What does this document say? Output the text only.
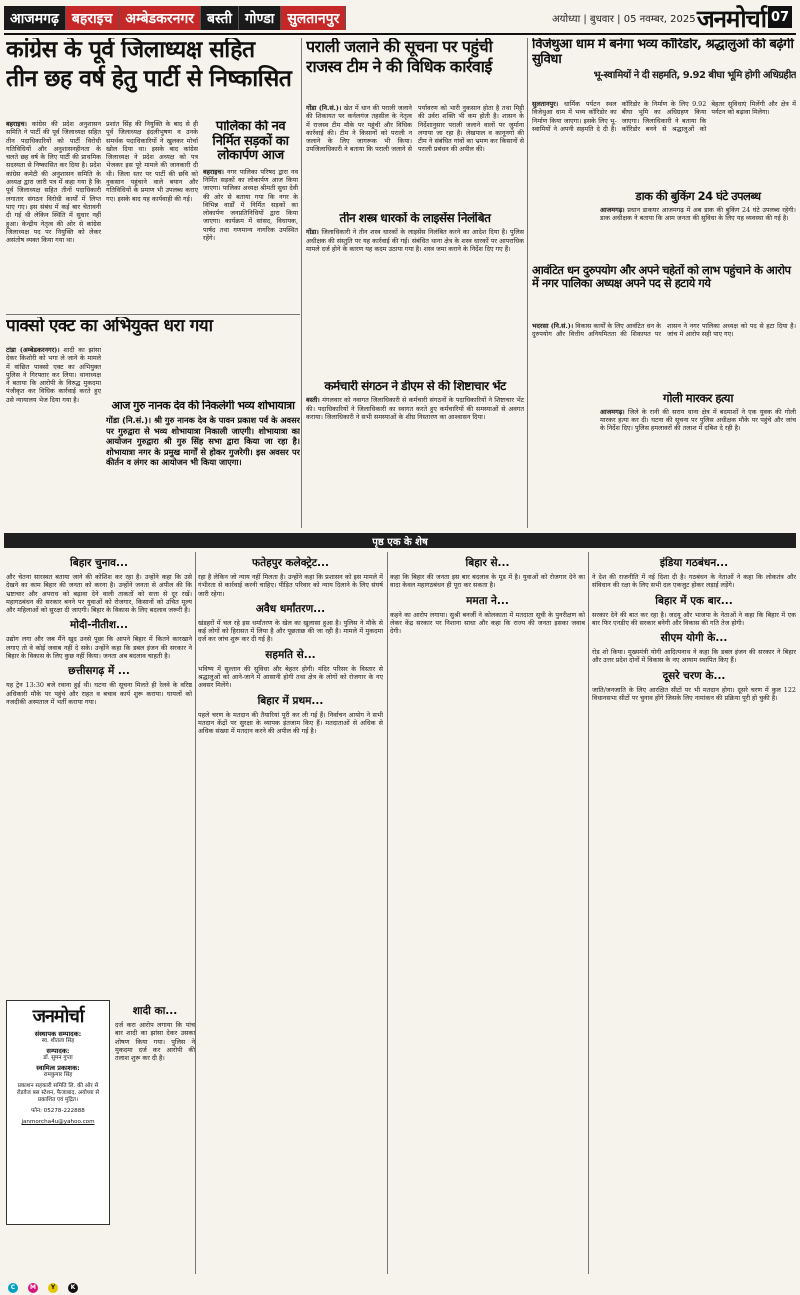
आजमगढ़ बहराइच अम्बेडकरनगर बस्ती गोण्डा सुलतानपुर	अयोध्या | बुधवार | 05 नवम्बर, 2025 जनमोर्चा 07
कांग्रेस के पूर्व जिलाध्यक्ष सहित
तीन छह वर्ष हेतु पार्टी से निष्कासित
बहराइच। कांग्रेस की प्रदेश अनुशासन समिति ने पार्टी की पूर्व जिलाध्यक्ष सहित तीन पदाधिकारियों को पार्टी विरोधी गतिविधियों और अनुशासनहीनता के चलते छह वर्ष के लिए पार्टी की प्राथमिक सदस्यता से निष्कासित कर दिया है। प्रदेश कांग्रेस कमेटी की अनुशासन समिति के अध्यक्ष द्वारा जारी पत्र में कहा गया है कि पूर्व जिलाध्यक्ष सहित तीनों पदाधिकारी लगातार संगठन विरोधी कार्यों में लिप्त पाए गए। इस संबंध में कई बार चेतावनी दी गई थी लेकिन स्थिति में सुधार नहीं हुआ। केन्द्रीय नेतृत्व की ओर से कांग्रेस जिलाध्यक्ष पद पर नियुक्ति को लेकर असंतोष व्यक्त किया गया था।
प्रशांत सिंह की नियुक्ति के बाद से ही पूर्व जिलाध्यक्ष इंदलीभुषण व उनके समर्थक पदाधिकारियों ने खुलकर मोर्चा खोल दिया था। इसके बाद कांग्रेस जिलाध्यक्ष ने प्रदेश अध्यक्ष को पत्र भेजकर इस पूरे मामले की जानकारी दी थी। जिला स्तर पर पार्टी की छवि को नुकसान पहुंचाने वाले बयान और गतिविधियों के प्रमाण भी उपलब्ध कराए गए। इसके बाद यह कार्यवाही की गई।
पालिका की नव निर्मित सड़कों का लोकार्पण आज
बहराइच। नगर पालिका परिषद द्वारा नव निर्मित सड़कों का लोकार्पण आज किया जाएगा। पालिका अध्यक्ष श्रीमती सुधा देवी की ओर से बताया गया कि नगर के विभिन्न वार्डों में निर्मित सड़कों का लोकार्पण जनप्रतिनिधियों द्वारा किया जाएगा। कार्यक्रम में सांसद, विधायक, पार्षद तथा गणमान्य नागरिक उपस्थित रहेंगे।
पराली जलाने की सूचना पर पहुंची
राजस्व टीम ने की विधिक कार्रवाई
गोंडा (नि.सं.)। खेत में धान की पराली जलाने की शिकायत पर कर्नलगंज तहसील के नेतृत्व में राजस्व टीम मौके पर पहुंची और विधिक कार्रवाई की। टीम ने किसानों को पराली न जलाने के लिए जागरूक भी किया। उपजिलाधिकारी ने बताया कि पराली जलाने से पर्यावरण को भारी नुकसान होता है तथा मिट्टी की उर्वरा शक्ति भी कम होती है। शासन के निर्देशानुसार पराली जलाने वालों पर जुर्माना लगाया जा रहा है। लेखपाल व कानूनगो की टीम ने संबंधित गांवों का भ्रमण कर किसानों से पराली प्रबंधन की अपील की।
तीन शस्त्र धारकों के लाइसेंस निलंबित
गोंडा। जिलाधिकारी ने तीन शस्त्र धारकों के लाइसेंस निलंबित करने का आदेश दिया है। पुलिस अधीक्षक की संस्तुति पर यह कार्रवाई की गई। संबंधित थाना क्षेत्र के शस्त्र धारकों पर आपराधिक मामले दर्ज होने के कारण यह कदम उठाया गया है। शस्त्र जमा कराने के निर्देश दिए गए हैं।
कर्मचारी संगठन ने डीएम से की शिष्टाचार भेंट
बस्ती। मंगलवार को नवागत जिलाधिकारी से कर्मचारी संगठनों के पदाधिकारियों ने शिष्टाचार भेंट की। पदाधिकारियों ने जिलाधिकारी का स्वागत करते हुए कर्मचारियों की समस्याओं से अवगत कराया। जिलाधिकारी ने सभी समस्याओं के शीघ्र निस्तारण का आश्वासन दिया।
पाक्सो एक्ट का अभियुक्त धरा गया
टांडा (अम्बेडकरनगर)। शादी का झांसा देकर किशोरी को भगा ले जाने के मामले में वांछित पाक्सो एक्ट का अभियुक्त पुलिस ने गिरफ्तार कर लिया। थानाध्यक्ष ने बताया कि आरोपी के विरुद्ध मुकदमा पंजीकृत कर विधिक कार्रवाई करते हुए उसे न्यायालय भेज दिया गया है।	आज गुरु नानक देव की निकलेगी भव्य शोभायात्रा
गोंडा (नि.सं.)। श्री गुरु नानक देव के पावन प्रकाश पर्व के अवसर पर गुरुद्वारा से भव्य शोभायात्रा निकाली जाएगी। शोभायात्रा का आयोजन गुरुद्वारा श्री गुरु सिंह सभा द्वारा किया जा रहा है। शोभायात्रा नगर के प्रमुख मार्गों से होकर गुजरेगी। इस अवसर पर कीर्तन व लंगर का आयोजन भी किया जाएगा।
विजेथुआ धाम में बनेगा भव्य कॉरिडोर, श्रद्धालुओं की बढ़ेगी सुविधा
भू-स्वामियों ने दी सहमति, 9.92 बीघा भूमि होगी अधिग्रहीत
सुलतानपुर। धार्मिक पर्यटन स्थल विजेथुआ धाम में भव्य कॉरिडोर का निर्माण किया जाएगा। इसके लिए भू-स्वामियों ने अपनी सहमति दे दी है। कॉरिडोर के निर्माण के लिए 9.92 बीघा भूमि का अधिग्रहण किया जाएगा। जिलाधिकारी ने बताया कि कॉरिडोर बनने से श्रद्धालुओं को बेहतर सुविधाएं मिलेंगी और क्षेत्र में पर्यटन को बढ़ावा मिलेगा।
डाक की बुकिंग 24 घंटे उपलब्ध
आजमगढ़। प्रधान डाकघर आजमगढ़ में अब डाक की बुकिंग 24 घंटे उपलब्ध रहेगी। डाक अधीक्षक ने बताया कि आम जनता की सुविधा के लिए यह व्यवस्था की गई है।
आवंटित धन दुरुपयोग और अपने चहेतों को लाभ पहुंचाने के आरोप में नगर पालिका अध्यक्ष अपने पद से हटाये गये
भदरसा (नि.सं.)। विकास कार्यों के लिए आवंटित धन के दुरुपयोग और वित्तीय अनियमितता की शिकायत पर शासन ने नगर पालिका अध्यक्ष को पद से हटा दिया है। जांच में आरोप सही पाए गए।
गोली मारकर हत्या
आजमगढ़। जिले के रानी की सराय थाना क्षेत्र में बदमाशों ने एक युवक की गोली मारकर हत्या कर दी। घटना की सूचना पर पुलिस अधीक्षक मौके पर पहुंचे और जांच के निर्देश दिए। पुलिस हमलावरों की तलाश में दबिश दे रही है।
पृष्ठ एक के शेष
बिहार चुनाव...
और चेतना सारस्वत बताया जाने की कोशिश कर रहा है। उन्होंने कहा कि उसे देखने का काम बिहार की जनता को करना है। उन्होंने जनता से अपील की कि भ्रष्टाचार और अपराध को बढ़ावा देने वाली ताकतों को सत्ता से दूर रखें। महागठबंधन की सरकार बनने पर युवाओं को रोजगार, किसानों को उचित मूल्य और महिलाओं को सुरक्षा दी जाएगी। बिहार के विकास के लिए बदलाव जरूरी है।
मोदी-नीतीश...
उद्योग लगा और जब मैंने खुद उनसे पूछा कि आपने बिहार में कितने कारखाने लगाए तो वे कोई जवाब नहीं दे सके। उन्होंने कहा कि डबल इंजन की सरकार ने बिहार के विकास के लिए कुछ नहीं किया। जनता अब बदलाव चाहती है।
छत्तीसगढ़ में ...
यह ट्रेन 13:30 बजे रवाना हुई थी। घटना की सूचना मिलते ही रेलवे के वरिष्ठ अधिकारी मौके पर पहुंचे और राहत व बचाव कार्य शुरू कराया। घायलों को नजदीकी अस्पताल में भर्ती कराया गया।
जनमोर्चा

संस्थापक सम्पादक:

स्व. शीतला सिंह

सम्पादक:

डॉ. सुमन गुप्ता

स्वामित्व प्रकाशक:

रामकुमार सिंह

प्रकाशन सहकारी समिति लि. की ओर से रोडवेज बस स्टेशन, फैजाबाद, अयोध्या से प्रकाशित एवं मुद्रित।

फोन: 05278-222888

janmorcha4u@yahoo.com

शादी का...
दर्ज करा आरोप लगाया कि पांच बार शादी का झांसा देकर उसका शोषण किया गया। पुलिस ने मुकदमा दर्ज कर आरोपी की तलाश शुरू कर दी है।
फतेहपुर कलेक्ट्रेट...
रहा है लेकिन जो न्याय नहीं मिलता है। उन्होंने कहा कि प्रशासन को इस मामले में गंभीरता से कार्रवाई करनी चाहिए। पीड़ित परिवार को न्याय दिलाने के लिए संघर्ष जारी रहेगा।
अवैध धर्मांतरण...
खंडहरों में चल रहे इस धर्मांतरण के खेल का खुलासा हुआ है। पुलिस ने मौके से कई लोगों को हिरासत में लिया है और पूछताछ की जा रही है। मामले में मुकदमा दर्ज कर जांच शुरू कर दी गई है।
सहमति से...
भविष्य में सुल्तान की सुविधा और बेहतर होगी। मंदिर परिसर के विस्तार से श्रद्धालुओं को आने-जाने में आसानी होगी तथा क्षेत्र के लोगों को रोजगार के नए अवसर मिलेंगे।
बिहार में प्रथम...
पहले चरण के मतदान की तैयारियां पूरी कर ली गई हैं। निर्वाचन आयोग ने सभी मतदान केंद्रों पर सुरक्षा के व्यापक इंतजाम किए हैं। मतदाताओं से अधिक से अधिक संख्या में मतदान करने की अपील की गई है।
बिहार से...
कहा कि बिहार की जनता इस बार बदलाव के मूड में है। युवाओं को रोजगार देने का वादा केवल महागठबंधन ही पूरा कर सकता है।
ममता ने...
कहने का आरोप लगाया। सुश्री बनर्जी ने कोलकाता में मतदाता सूची के पुनरीक्षण को लेकर केंद्र सरकार पर निशाना साधा और कहा कि राज्य की जनता इसका जवाब देगी।
इंडिया गठबंधन...
ने देश की राजनीति में नई दिशा दी है। गठबंधन के नेताओं ने कहा कि लोकतंत्र और संविधान की रक्षा के लिए सभी दल एकजुट होकर लड़ाई लड़ेंगे।
बिहार में एक बार...
सरकार देने की बात कर रहा है। जदयू और भाजपा के नेताओं ने कहा कि बिहार में एक बार फिर एनडीए की सरकार बनेगी और विकास की गति तेज होगी।
सीएम योगी के...
रोड शो किया। मुख्यमंत्री योगी आदित्यनाथ ने कहा कि डबल इंजन की सरकार ने बिहार और उत्तर प्रदेश दोनों में विकास के नए आयाम स्थापित किए हैं।
दूसरे चरण के...
जाति/जनजाति के लिए आरक्षित सीटों पर भी मतदान होगा। दूसरे चरण में कुल 122 विधानसभा सीटों पर चुनाव होंगे जिसके लिए नामांकन की प्रक्रिया पूरी हो चुकी है।
C	M	Y	K
